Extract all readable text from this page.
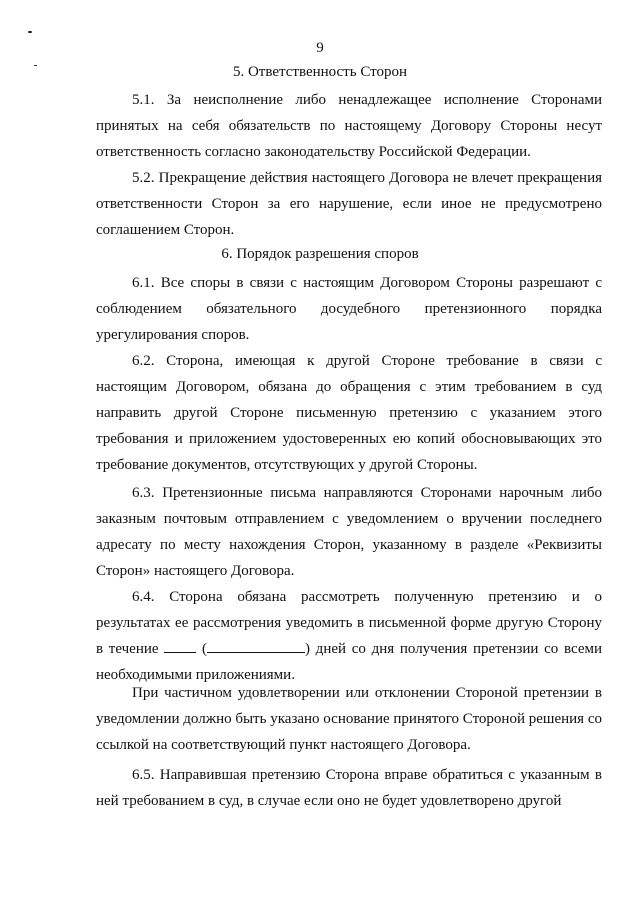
9
5. Ответственность Сторон
5.1. За неисполнение либо ненадлежащее исполнение Сторонами принятых на себя обязательств по настоящему Договору Стороны несут ответственность согласно законодательству Российской Федерации.
5.2. Прекращение действия настоящего Договора не влечет прекращения ответственности Сторон за его нарушение, если иное не предусмотрено соглашением Сторон.
6. Порядок разрешения споров
6.1. Все споры в связи с настоящим Договором Стороны разрешают с соблюдением обязательного досудебного претензионного порядка урегулирования споров.
6.2. Сторона, имеющая к другой Стороне требование в связи с настоящим Договором, обязана до обращения с этим требованием в суд направить другой Стороне письменную претензию с указанием этого требования и приложением удостоверенных ею копий обосновывающих это требование документов, отсутствующих у другой Стороны.
6.3. Претензионные письма направляются Сторонами нарочным либо заказным почтовым отправлением с уведомлением о вручении последнего адресату по месту нахождения Сторон, указанному в разделе «Реквизиты Сторон» настоящего Договора.
6.4. Сторона обязана рассмотреть полученную претензию и о результатах ее рассмотрения уведомить в письменной форме другую Сторону в течение	(	) дней со дня получения претензии со всеми необходимыми приложениями.
При частичном удовлетворении или отклонении Стороной претензии в уведомлении должно быть указано основание принятого Стороной решения со ссылкой на соответствующий пункт настоящего Договора.
6.5. Направившая претензию Сторона вправе обратиться с указанным в ней требованием в суд, в случае если оно не будет удовлетворено другой
